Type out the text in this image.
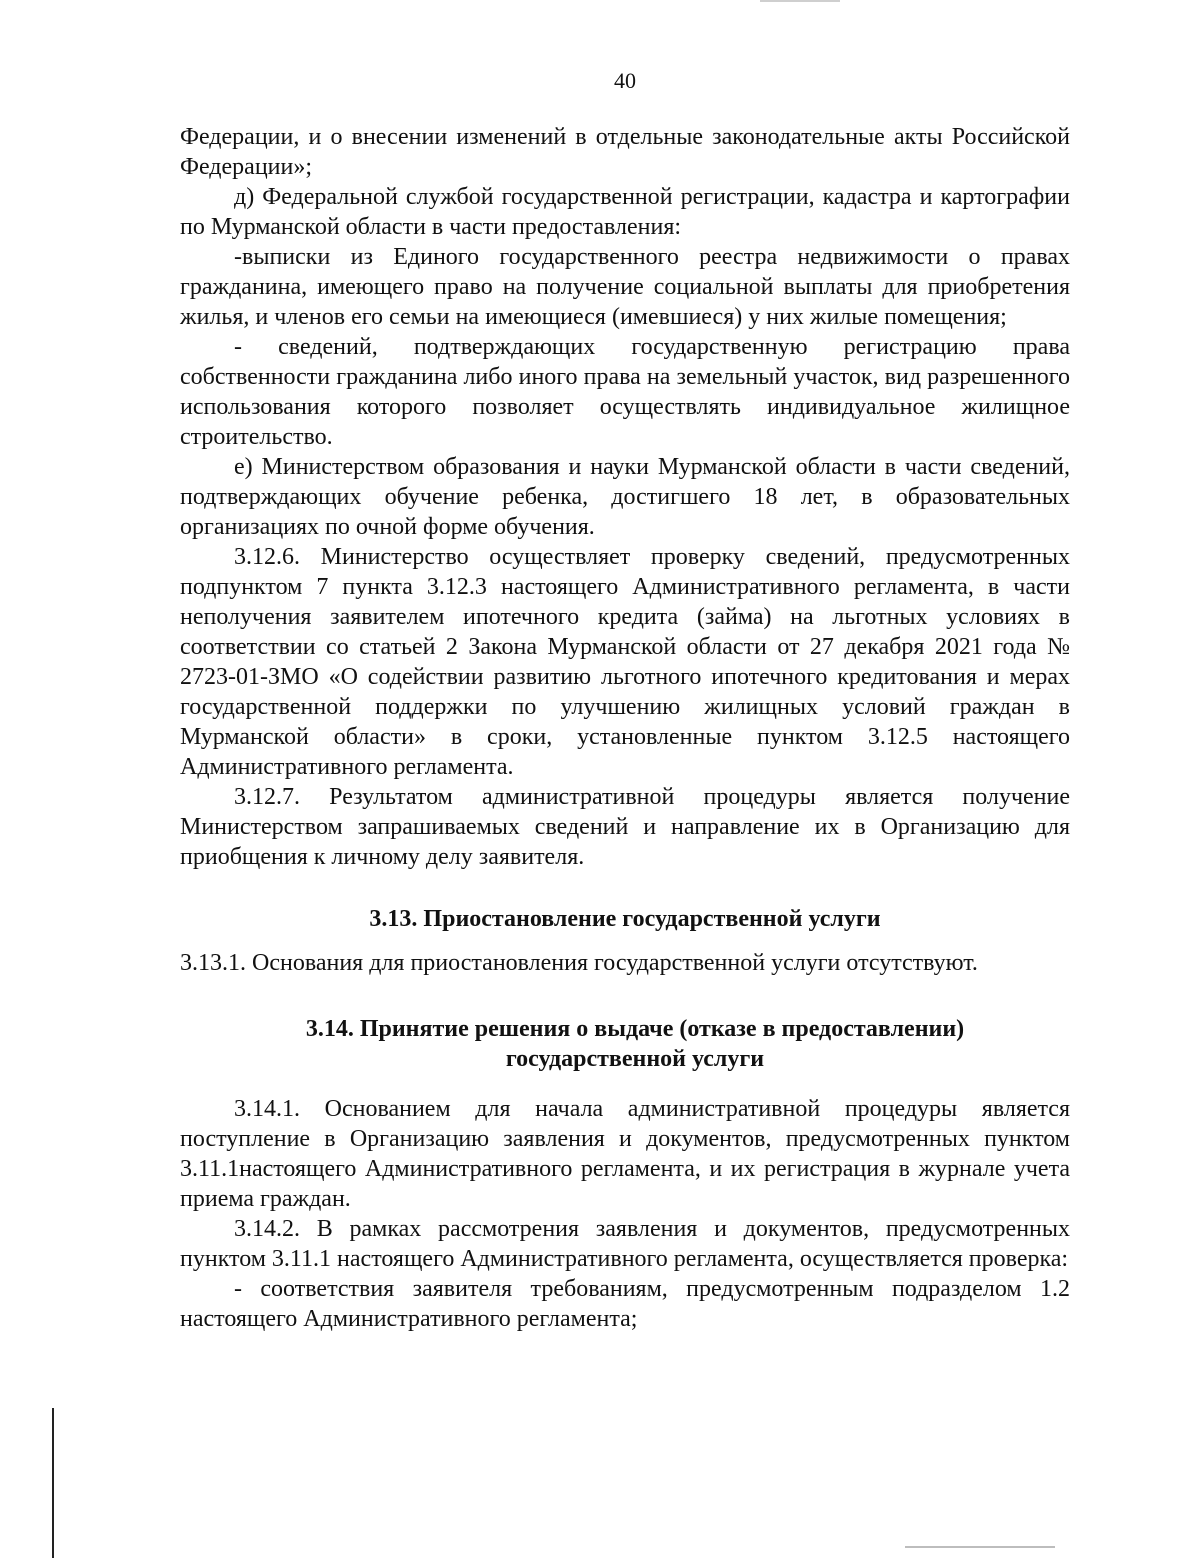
40

Федерации, и о внесении изменений в отдельные законодательные акты Российской Федерации»;

д) Федеральной службой государственной регистрации, кадастра и картографии по Мурманской области в части предоставления:

-выписки из Единого государственного реестра недвижимости о правах гражданина, имеющего право на получение социальной выплаты для приобретения жилья, и членов его семьи на имеющиеся (имевшиеся) у них жилые помещения;

- сведений, подтверждающих государственную регистрацию права собственности гражданина либо иного права на земельный участок, вид разрешенного использования которого позволяет осуществлять индивидуальное жилищное строительство.

е) Министерством образования и науки Мурманской области в части сведений, подтверждающих обучение ребенка, достигшего 18 лет, в образовательных организациях по очной форме обучения.

3.12.6. Министерство осуществляет проверку сведений, предусмотренных подпунктом 7 пункта 3.12.3 настоящего Административного регламента, в части неполучения заявителем ипотечного кредита (займа) на льготных условиях в соответствии со статьей 2 Закона Мурманской области от 27 декабря 2021 года № 2723-01-ЗМО «О содействии развитию льготного ипотечного кредитования и мерах государственной поддержки по улучшению жилищных условий граждан в Мурманской области» в сроки, установленные пунктом 3.12.5 настоящего Административного регламента.

3.12.7. Результатом административной процедуры является получение Министерством запрашиваемых сведений и направление их в Организацию для приобщения к личному делу заявителя.

3.13. Приостановление государственной услуги

3.13.1. Основания для приостановления государственной услуги отсутствуют.

3.14. Принятие решения о выдаче (отказе в предоставлении)
государственной услуги

3.14.1. Основанием для начала административной процедуры является поступление в Организацию заявления и документов, предусмотренных пунктом 3.11.1настоящего Административного регламента, и их регистрация в журнале учета приема граждан.

3.14.2. В рамках рассмотрения заявления и документов, предусмотренных пунктом 3.11.1 настоящего Административного регламента, осуществляется проверка:

- соответствия заявителя требованиям, предусмотренным подразделом 1.2 настоящего Административного регламента;
